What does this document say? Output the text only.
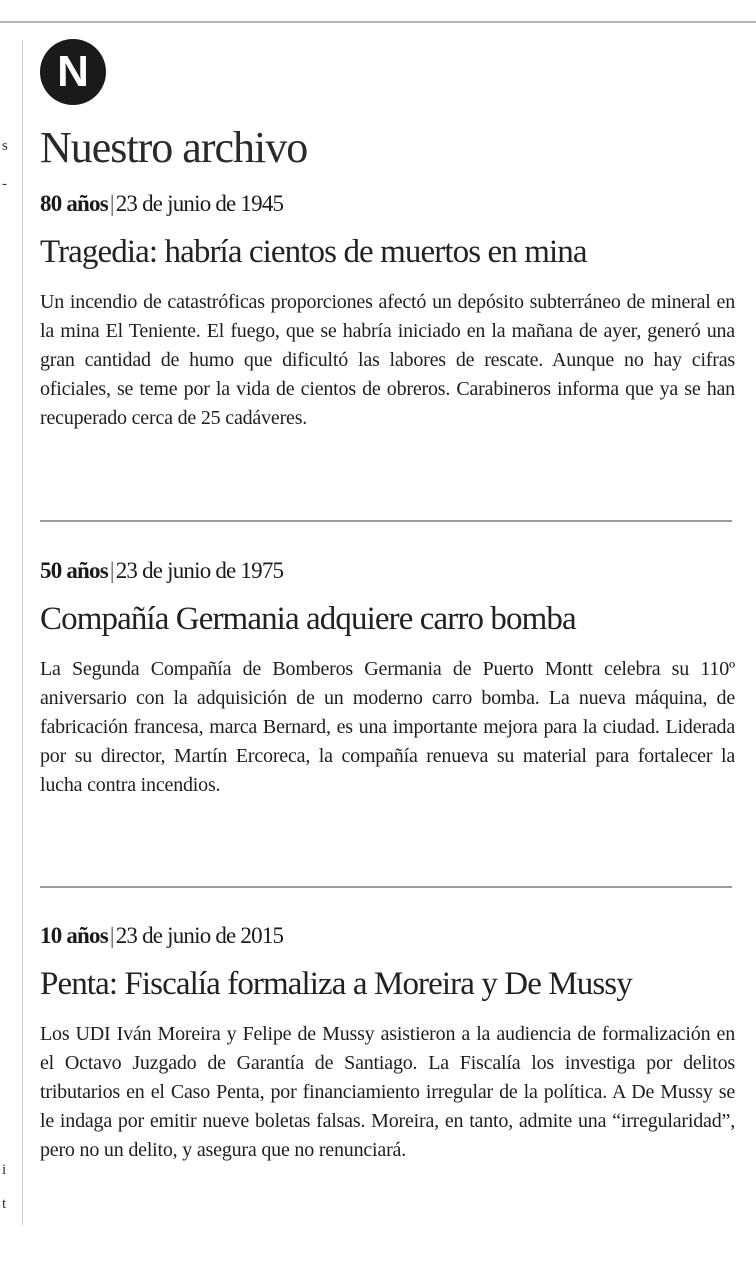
s
-
i
t
N
Nuestro archivo
80 años|23 de junio de 1945
Tragedia: habría cientos de muertos en mina

Un incendio de catastróficas proporciones afectó un depósito subterráneo de mineral en la mina El Teniente. El fuego, que se habría iniciado en la mañana de ayer, generó una gran cantidad de humo que dificultó las labores de rescate. Aunque no hay cifras oficiales, se teme por la vida de cientos de obreros. Carabineros informa que ya se han recuperado cerca de 25 cadáveres.

50 años|23 de junio de 1975
Compañía Germania adquiere carro bomba

La Segunda Compañía de Bomberos Germania de Puerto Montt celebra su 110º aniversario con la adquisición de un moderno carro bomba. La nueva máquina, de fabricación francesa, marca Bernard, es una importante mejora para la ciudad. Liderada por su director, Martín Ercoreca, la compañía renueva su material para fortalecer la lucha contra incendios.

10 años|23 de junio de 2015
Penta: Fiscalía formaliza a Moreira y De Mussy

Los UDI Iván Moreira y Felipe de Mussy asistieron a la audiencia de formalización en el Octavo Juzgado de Garantía de Santiago. La Fiscalía los investiga por delitos tributarios en el Caso Penta, por financiamiento irregular de la política. A De Mussy se le indaga por emitir nueve boletas falsas. Moreira, en tanto, admite una “irregularidad”, pero no un delito, y asegura que no renunciará.
